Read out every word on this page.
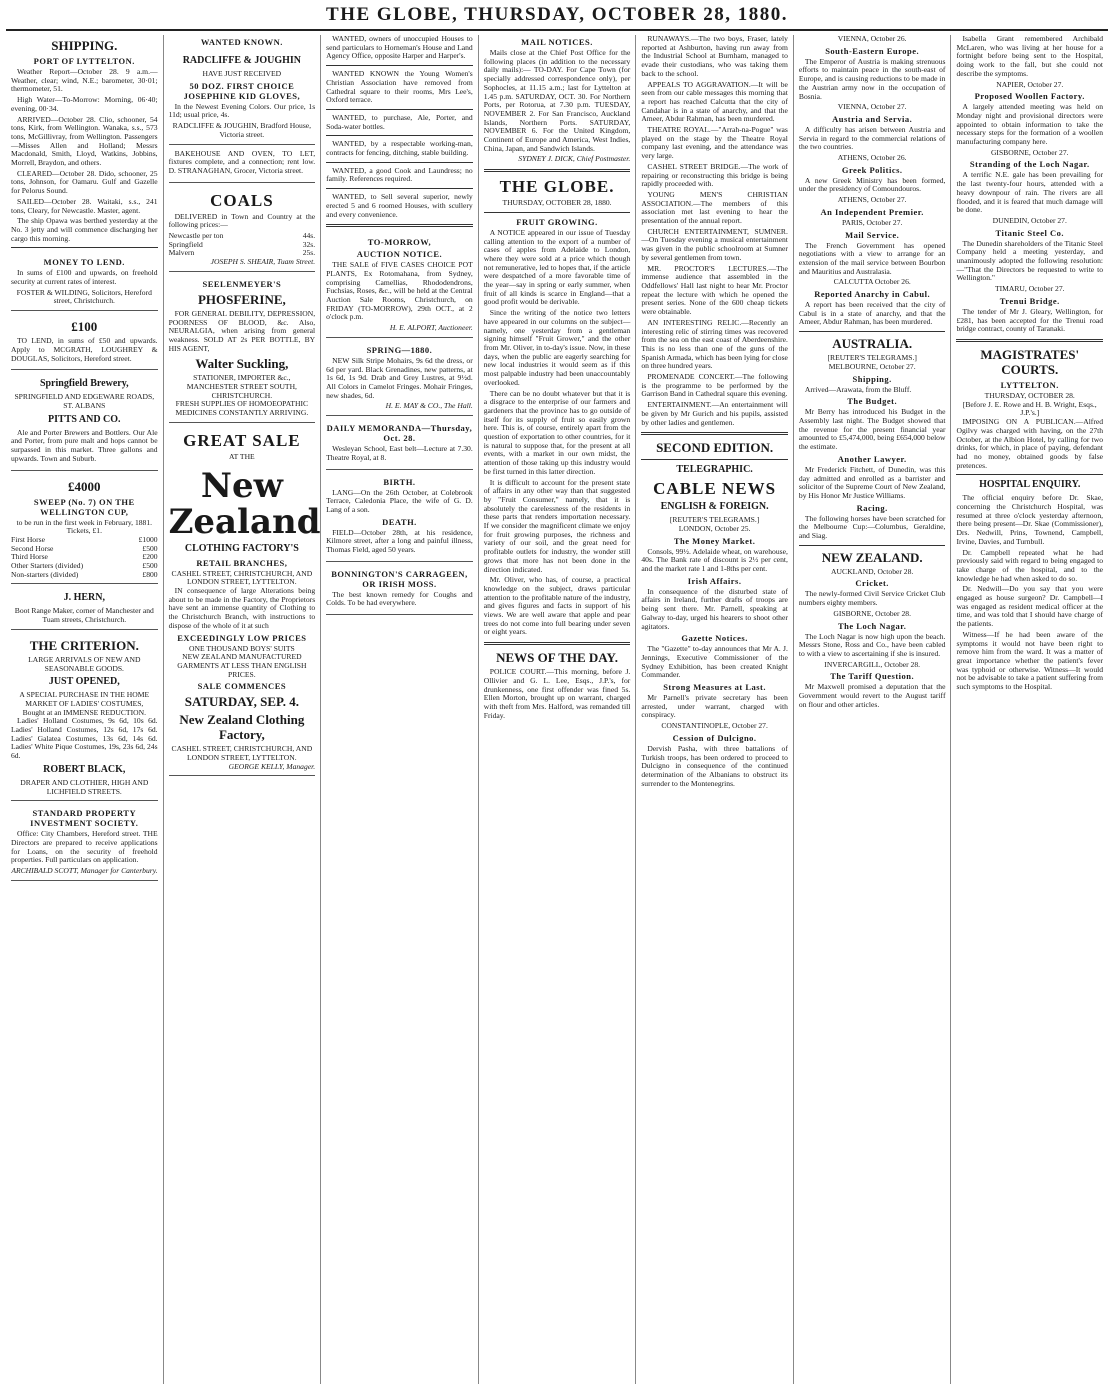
THE GLOBE, THURSDAY, OCTOBER 28, 1880.
SHIPPING.
PORT OF LYTTELTON.

Weather Report—October 28. 9 a.m.—Weather, clear; wind, N.E.; barometer, 30·01; thermometer, 51.

High Water—To-Morrow: Morning, 06·40; evening, 00·34.

ARRIVED—October 28. Clio, schooner, 54 tons, Kirk, from Wellington. Wanaka, s.s., 573 tons, McGillivray, from Wellington. Passengers—Misses Allen and Holland; Messrs Macdonald, Smith, Lloyd, Watkins, Jobbins, Morrell, Braydon, and others.

CLEARED—October 28. Dido, schooner, 25 tons, Johnson, for Oamaru. Gulf and Gazelle for Pelorus Sound.

SAILED—October 28. Waitaki, s.s., 241 tons, Cleary, for Newcastle. Master, agent.

The ship Opawa was berthed yesterday at the No. 3 jetty and will commence discharging her cargo this morning.

MONEY TO LEND.

In sums of £100 and upwards, on freehold security at current rates of interest.

FOSTER & WILDING, Solicitors, Hereford street, Christchurch.
£100

TO LEND, in sums of £50 and upwards. Apply to MCGRATH, LOUGHREY & DOUGLAS, Solicitors, Hereford street.

Springfield Brewery,
SPRINGFIELD AND EDGEWARE ROADS, ST. ALBANS
PITTS AND CO.

Ale and Porter Brewers and Bottlers. Our Ale and Porter, from pure malt and hops cannot be surpassed in this market. Three gallons and upwards. Town and Suburb.

£4000
SWEEP (No. 7) ON THE WELLINGTON CUP,
to be run in the first week in February, 1881. Tickets, £1.
First Horse	£1000
Second Horse	£500
Third Horse	£200
Other Starters (divided)	£500
Non-starters (divided)	£800
J. HERN,
Boot Range Maker, corner of Manchester and Tuam streets, Christchurch.
THE CRITERION.
LARGE ARRIVALS OF NEW AND SEASONABLE GOODS.
JUST OPENED,
A SPECIAL PURCHASE IN THE HOME MARKET OF LADIES' COSTUMES,
Bought at an IMMENSE REDUCTION.

Ladies' Holland Costumes, 9s 6d, 10s 6d. Ladies' Holland Costumes, 12s 6d, 17s 6d. Ladies' Galatea Costumes, 13s 6d, 14s 6d. Ladies' White Pique Costumes, 19s, 23s 6d, 24s 6d.

ROBERT BLACK,
DRAPER AND CLOTHIER, HIGH AND LICHFIELD STREETS.
STANDARD PROPERTY INVESTMENT SOCIETY.

Office: City Chambers, Hereford street. THE Directors are prepared to receive applications for Loans, on the security of freehold properties. Full particulars on application.

ARCHIBALD SCOTT, Manager for Canterbury.
WANTED KNOWN.
RADCLIFFE & JOUGHIN
HAVE JUST RECEIVED
50 DOZ. FIRST CHOICE JOSEPHINE KID GLOVES,

In the Newest Evening Colors. Our price, 1s 11d; usual price, 4s.

RADCLIFFE & JOUGHIN, Bradford House, Victoria street.

BAKEHOUSE AND OVEN, TO LET, fixtures complete, and a connection; rent low. D. STRANAGHAN, Grocer, Victoria street.

COALS

DELIVERED in Town and Country at the following prices:—

Newcastle per ton	44s.
Springfield	32s.
Malvern	25s.
JOSEPH S. SHEAIR, Tuam Street.
SEELENMEYER'S
PHOSFERINE,

FOR GENERAL DEBILITY, DEPRESSION, POORNESS OF BLOOD, &c. Also, NEURALGIA, when arising from general weakness. SOLD AT 2s PER BOTTLE, BY HIS AGENT,

Walter Suckling,
STATIONER, IMPORTER &c., MANCHESTER STREET SOUTH, CHRISTCHURCH.
FRESH SUPPLIES OF HOMOEOPATHIC MEDICINES CONSTANTLY ARRIVING.
GREAT SALE
AT THE
New Zealand
CLOTHING FACTORY'S
RETAIL BRANCHES,
CASHEL STREET, CHRISTCHURCH, AND LONDON STREET, LYTTELTON.

IN consequence of large Alterations being about to be made in the Factory, the Proprietors have sent an immense quantity of Clothing to the Christchurch Branch, with instructions to dispose of the whole of it at such

EXCEEDINGLY LOW PRICES
ONE THOUSAND BOYS' SUITS
NEW ZEALAND MANUFACTURED GARMENTS AT LESS THAN ENGLISH PRICES.
SALE COMMENCES
SATURDAY, SEP. 4.
New Zealand Clothing Factory,
CASHEL STREET, CHRISTCHURCH, AND LONDON STREET, LYTTELTON.
GEORGE KELLY, Manager.

WANTED, owners of unoccupied Houses to send particulars to Horneman's House and Land Agency Office, opposite Harper and Harper's.

WANTED KNOWN the Young Women's Christian Association have removed from Cathedral square to their rooms, Mrs Lee's, Oxford terrace.

WANTED, to purchase, Ale, Porter, and Soda-water bottles.

WANTED, by a respectable working-man, contracts for fencing, ditching, stable building.

WANTED, a good Cook and Laundress; no family. References required.

WANTED, to Sell several superior, newly erected 5 and 6 roomed Houses, with scullery and every convenience.

TO-MORROW,
AUCTION NOTICE.

THE SALE of FIVE CASES CHOICE POT PLANTS, Ex Rotomahana, from Sydney, comprising Camellias, Rhododendrons, Fuchsias, Roses, &c., will be held at the Central Auction Sale Rooms, Christchurch, on FRIDAY (TO-MORROW), 29th OCT., at 2 o'clock p.m.

H. E. ALPORT, Auctioneer.
SPRING—1880.

NEW Silk Stripe Mohairs, 9s 6d the dress, or 6d per yard. Black Grenadines, new patterns, at 1s 6d, 1s 9d. Drab and Grey Lustres, at 9½d. All Colors in Camelot Fringes. Mohair Fringes, new shades, 6d.

H. E. MAY & CO., The Hall.
DAILY MEMORANDA—Thursday, Oct. 28.

Wesleyan School, East belt—Lecture at 7.30. Theatre Royal, at 8.

BIRTH.

LANG—On the 26th October, at Colebrook Terrace, Caledonia Place, the wife of G. D. Lang of a son.

DEATH.

FIELD—October 28th, at his residence, Kilmore street, after a long and painful illness, Thomas Field, aged 50 years.

BONNINGTON'S CARRAGEEN, OR IRISH MOSS.

The best known remedy for Coughs and Colds. To be had everywhere.

MAIL NOTICES.

Mails close at the Chief Post Office for the following places (in addition to the necessary daily mails):— TO-DAY. For Cape Town (for specially addressed correspondence only), per Sophocles, at 11.15 a.m.; last for Lyttelton at 1.45 p.m. SATURDAY, OCT. 30. For Northern Ports, per Rotorua, at 7.30 p.m. TUESDAY, NOVEMBER 2. For San Francisco, Auckland Islands, Northern Ports. SATURDAY, NOVEMBER 6. For the United Kingdom, Continent of Europe and America, West Indies, China, Japan, and Sandwich Islands.

SYDNEY J. DICK, Chief Postmaster.
THE GLOBE.
THURSDAY, OCTOBER 28, 1880.
FRUIT GROWING.

A NOTICE appeared in our issue of Tuesday calling attention to the export of a number of cases of apples from Adelaide to London, where they were sold at a price which though not remunerative, led to hopes that, if the article were despatched of a more favorable time of the year—say in spring or early summer, when fruit of all kinds is scarce in England—that a good profit would be derivable.

Since the writing of the notice two letters have appeared in our columns on the subject—namely, one yesterday from a gentleman signing himself "Fruit Grower," and the other from Mr. Oliver, in to-day's issue. Now, in these days, when the public are eagerly searching for new local industries it would seem as if this most palpable industry had been unaccountably overlooked.

There can be no doubt whatever but that it is a disgrace to the enterprise of our farmers and gardeners that the province has to go outside of itself for its supply of fruit so easily grown here. This is, of course, entirely apart from the question of exportation to other countries, for it is natural to suppose that, for the present at all events, with a market in our own midst, the attention of those taking up this industry would be first turned in this latter direction.

It is difficult to account for the present state of affairs in any other way than that suggested by "Fruit Consumer," namely, that it is absolutely the carelessness of the residents in these parts that renders importation necessary. If we consider the magnificent climate we enjoy for fruit growing purposes, the richness and variety of our soil, and the great need for profitable outlets for industry, the wonder still grows that more has not been done in the direction indicated.

Mr. Oliver, who has, of course, a practical knowledge on the subject, draws particular attention to the profitable nature of the industry, and gives figures and facts in support of his views. We are well aware that apple and pear trees do not come into full bearing under seven or eight years.

NEWS OF THE DAY.

POLICE COURT.—This morning, before J. Ollivier and G. L. Lee, Esqs., J.P.'s, for drunkenness, one first offender was fined 5s. Ellen Morton, brought up on warrant, charged with theft from Mrs. Halford, was remanded till Friday.

RUNAWAYS.—The two boys, Fraser, lately reported at Ashburton, having run away from the Industrial School at Burnham, managed to evade their custodians, who was taking them back to the school.

APPEALS TO AGGRAVATION.—It will be seen from our cable messages this morning that a report has reached Calcutta that the city of Candahar is in a state of anarchy, and that the Ameer, Abdur Rahman, has been murdered.

THEATRE ROYAL.—"Arrah-na-Pogue" was played on the stage by the Theatre Royal company last evening, and the attendance was very large.

CASHEL STREET BRIDGE.—The work of repairing or reconstructing this bridge is being rapidly proceeded with.

YOUNG MEN'S CHRISTIAN ASSOCIATION.—The members of this association met last evening to hear the presentation of the annual report.

CHURCH ENTERTAINMENT, SUMNER.—On Tuesday evening a musical entertainment was given in the public schoolroom at Sumner by several gentlemen from town.

MR. PROCTOR'S LECTURES.—The immense audience that assembled in the Oddfellows' Hall last night to hear Mr. Proctor repeat the lecture with which he opened the present series. None of the 600 cheap tickets were obtainable.

AN INTERESTING RELIC.—Recently an interesting relic of stirring times was recovered from the sea on the east coast of Aberdeenshire. This is no less than one of the guns of the Spanish Armada, which has been lying for close on three hundred years.

PROMENADE CONCERT.—The following is the programme to be performed by the Garrison Band in Cathedral square this evening.

ENTERTAINMENT.—An entertainment will be given by Mr Gurich and his pupils, assisted by other ladies and gentlemen.

SECOND EDITION.
TELEGRAPHIC.
CABLE NEWS
ENGLISH & FOREIGN.
[REUTER'S TELEGRAMS.]
LONDON, October 25.
The Money Market.

Consols, 99½. Adelaide wheat, on warehouse, 40s. The Bank rate of discount is 2½ per cent, and the market rate 1 and 1-8ths per cent.

Irish Affairs.

In consequence of the disturbed state of affairs in Ireland, further drafts of troops are being sent there. Mr. Parnell, speaking at Galway to-day, urged his hearers to shoot other agitators.

Gazette Notices.

The "Gazette" to-day announces that Mr A. J. Jennings, Executive Commissioner of the Sydney Exhibition, has been created Knight Commander.

Strong Measures at Last.

Mr Parnell's private secretary has been arrested, under warrant, charged with conspiracy.

CONSTANTINOPLE, October 27.
Cession of Dulcigno.

Dervish Pasha, with three battalions of Turkish troops, has been ordered to proceed to Dulcigno in consequence of the continued determination of the Albanians to obstruct its surrender to the Montenegrins.

VIENNA, October 26.
South-Eastern Europe.

The Emperor of Austria is making strenuous efforts to maintain peace in the south-east of Europe, and is causing reductions to be made in the Austrian army now in the occupation of Bosnia.

VIENNA, October 27.
Austria and Servia.

A difficulty has arisen between Austria and Servia in regard to the commercial relations of the two countries.

ATHENS, October 26.
Greek Politics.

A new Greek Ministry has been formed, under the presidency of Comoundouros.

ATHENS, October 27.
An Independent Premier.
PARIS, October 27.
Mail Service.

The French Government has opened negotiations with a view to arrange for an extension of the mail service between Bourbon and Mauritius and Australasia.

CALCUTTA October 26.
Reported Anarchy in Cabul.

A report has been received that the city of Cabul is in a state of anarchy, and that the Ameer, Abdur Rahman, has been murdered.

AUSTRALIA.
[REUTER'S TELEGRAMS.]
MELBOURNE, October 27.
Shipping.

Arrived—Arawata, from the Bluff.

The Budget.

Mr Berry has introduced his Budget in the Assembly last night. The Budget showed that the revenue for the present financial year amounted to £5,474,000, being £654,000 below the estimate.

Another Lawyer.

Mr Frederick Fitchett, of Dunedin, was this day admitted and enrolled as a barrister and solicitor of the Supreme Court of New Zealand, by His Honor Mr Justice Williams.

Racing.

The following horses have been scratched for the Melbourne Cup:—Columbus, Geraldine, and Siag.

NEW ZEALAND.
AUCKLAND, October 28.
Cricket.

The newly-formed Civil Service Cricket Club numbers eighty members.

GISBORNE, October 28.
The Loch Nagar.

The Loch Nagar is now high upon the beach. Messrs Stone, Ross and Co., have been cabled to with a view to ascertaining if she is insured.

INVERCARGILL, October 28.
The Tariff Question.

Mr Maxwell promised a deputation that the Government would revert to the August tariff on flour and other articles.

Isabella Grant remembered Archibald McLaren, who was living at her house for a fortnight before being sent to the Hospital, doing work to the fall, but she could not describe the symptoms.

NAPIER, October 27.
Proposed Woollen Factory.

A largely attended meeting was held on Monday night and provisional directors were appointed to obtain information to take the necessary steps for the formation of a woollen manufacturing company here.

GISBORNE, October 27.
Stranding of the Loch Nagar.

A terrific N.E. gale has been prevailing for the last twenty-four hours, attended with a heavy downpour of rain. The rivers are all flooded, and it is feared that much damage will be done.

DUNEDIN, October 27.
Titanic Steel Co.

The Dunedin shareholders of the Titanic Steel Company held a meeting yesterday, and unanimously adopted the following resolution:—"That the Directors be requested to write to Wellington."

TIMARU, October 27.
Trenui Bridge.

The tender of Mr J. Gleary, Wellington, for £281, has been accepted for the Trenui road bridge contract, county of Taranaki.

MAGISTRATES' COURTS.
LYTTELTON.
THURSDAY, OCTOBER 28.
[Before J. E. Rowe and H. B. Wright, Esqs., J.P.'s.]

IMPOSING ON A PUBLICAN.—Alfred Ogilvy was charged with having, on the 27th October, at the Albion Hotel, by calling for two drinks, for which, in place of paying, defendant had no money, obtained goods by false pretences.

HOSPITAL ENQUIRY.

The official enquiry before Dr. Skae, concerning the Christchurch Hospital, was resumed at three o'clock yesterday afternoon, there being present—Dr. Skae (Commissioner), Drs. Nedwill, Prins, Townend, Campbell, Irvine, Davies, and Turnbull.

Dr. Campbell repeated what he had previously said with regard to being engaged to take charge of the hospital, and to the knowledge he had when asked to do so.

Dr. Nedwill—Do you say that you were engaged as house surgeon? Dr. Campbell—I was engaged as resident medical officer at the time, and was told that I should have charge of the patients.

Witness—If he had been aware of the symptoms it would not have been right to remove him from the ward. It was a matter of great importance whether the patient's fever was typhoid or otherwise. Witness—It would not be advisable to take a patient suffering from such symptoms to the Hospital.
